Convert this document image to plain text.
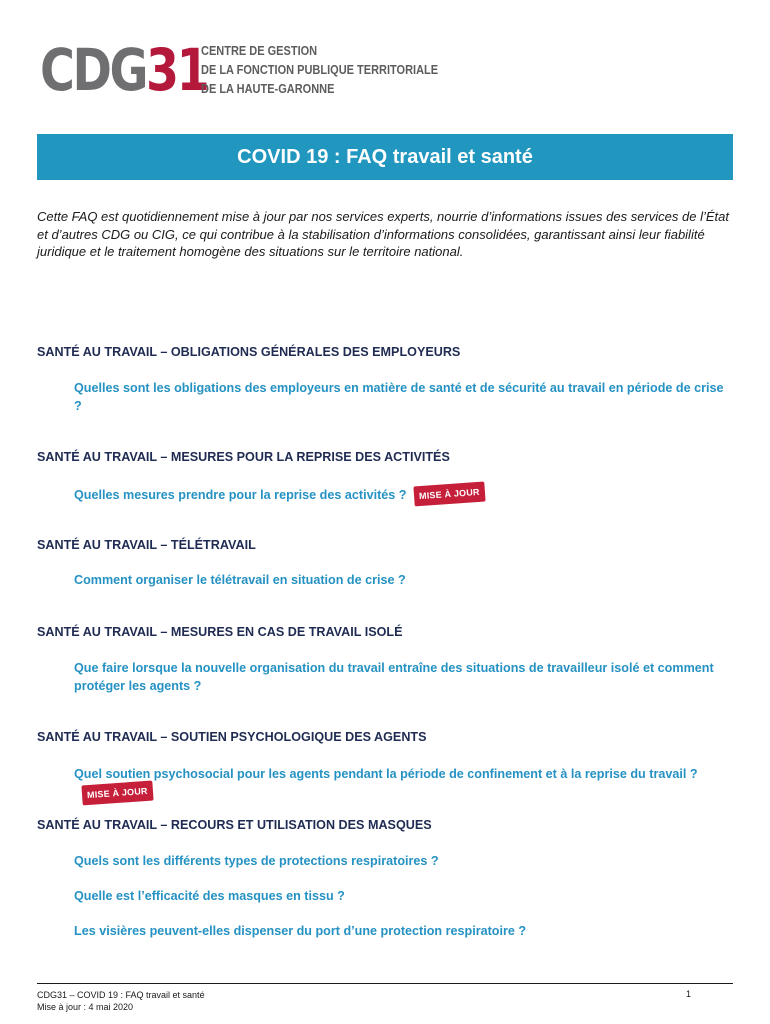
CD G 31
CENTRE DE GESTION
DE LA FONCTION PUBLIQUE TERRITORIALE
DE LA HAUTE-GARONNE
COVID 19 : FAQ travail et santé
Cette FAQ est quotidiennement mise à jour par nos services experts, nourrie d’informations issues des services de l’État et d’autres CDG ou CIG, ce qui contribue à la stabilisation d’informations consolidées, garantissant ainsi leur fiabilité juridique et le traitement homogène des situations sur le territoire national.
SANTÉ AU TRAVAIL – OBLIGATIONS GÉNÉRALES DES EMPLOYEURS
Quelles sont les obligations des employeurs en matière de santé et de sécurité au travail en période de crise ?
SANTÉ AU TRAVAIL – MESURES POUR LA REPRISE DES ACTIVITÉS
Quelles mesures prendre pour la reprise des activités ? MISE À JOUR
SANTÉ AU TRAVAIL – TÉLÉTRAVAIL
Comment organiser le télétravail en situation de crise ?
SANTÉ AU TRAVAIL – MESURES EN CAS DE TRAVAIL ISOLÉ
Que faire lorsque la nouvelle organisation du travail entraîne des situations de travailleur isolé et comment protéger les agents ?
SANTÉ AU TRAVAIL – SOUTIEN PSYCHOLOGIQUE DES AGENTS
Quel soutien psychosocial pour les agents pendant la période de confinement et à la reprise du travail ?MISE À JOUR
SANTÉ AU TRAVAIL – RECOURS ET UTILISATION DES MASQUES
Quels sont les différents types de protections respiratoires ?
Quelle est l’efficacité des masques en tissu ?
Les visières peuvent-elles dispenser du port d’une protection respiratoire ?
CDG31 – COVID 19 : FAQ travail et santé
Mise à jour : 4 mai 2020
1
